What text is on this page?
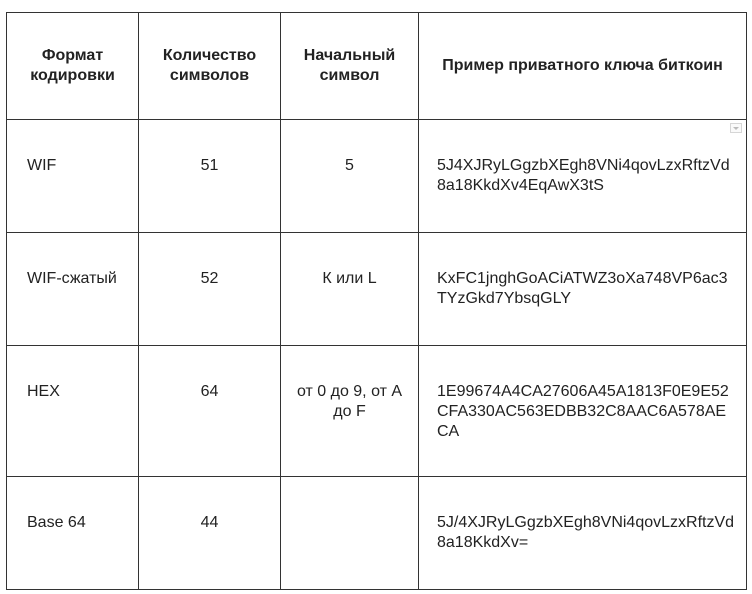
Формат кодировки	Количество символов	Начальный символ	Пример приватного ключа биткоин
WIF	51	5	5J4XJRyLGgzbXEgh8VNi4qovLzxRftzVd8a18KkdXv4EqAwX3tS
WIF-сжатый	52	К или L	KxFC1jnghGoACiATWZ3oXa748VP6ac3TYzGkd7YbsqGLY
HEX	64	от 0 до 9, от A до F	1E99674A4CA27606A45A1813F0E9E52CFA330AC563EDBB32C8AAC6A578AECA
Base 64	44		5J/4XJRyLGgzbXEgh8VNi4qovLzxRftzVd8a18KkdXv=
